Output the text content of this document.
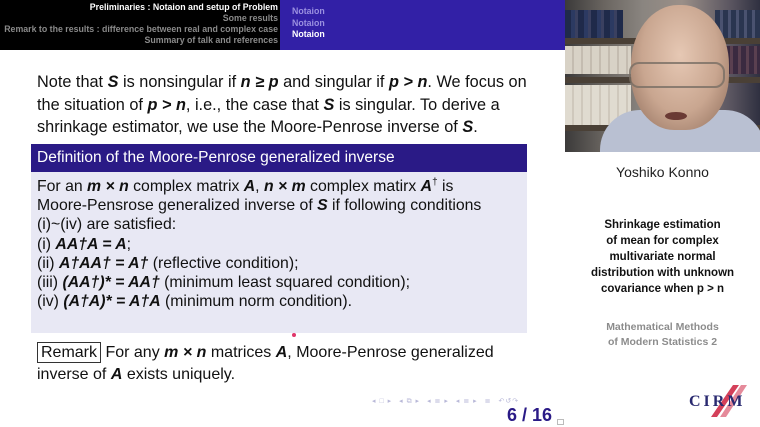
Preliminaries : Notaion and setup of Problem
Some results
Remark to the results : difference between real and complex case
Summary of talk and references
Notaion
Notaion
Notaion
Note that S is nonsingular if n ≥ p and singular if p > n. We focus on the situation of p > n, i.e., the case that S is singular. To derive a shrinkage estimator, we use the Moore-Penrose inverse of S.
Definition of the Moore-Penrose generalized inverse
For an m × n complex matrix A, n × m complex matirx A† is
Moore-Pensrose generalized inverse of S if following conditions
(i)~(iv) are satisfied:
(i) AA†A = A;
(ii) A†AA† = A† (reflective condition);
(iii) (AA†)* = AA† (minimum least squared condition);
(iv) (A†A)* = A†A (minimum norm condition).
Remark For any m × n matrices A, Moore-Penrose generalized inverse of A exists uniquely.
◂ □ ▸ ◂ ⧉ ▸ ◂ ≣ ▸ ◂ ≣ ▸ ≣ ↶↺↷
6 / 16
Yoshiko Konno
Shrinkage estimation
of mean for complex
multivariate normal
distribution with unknown
covariance when p > n
Mathematical Methods
of Modern Statistics 2
CIRM
